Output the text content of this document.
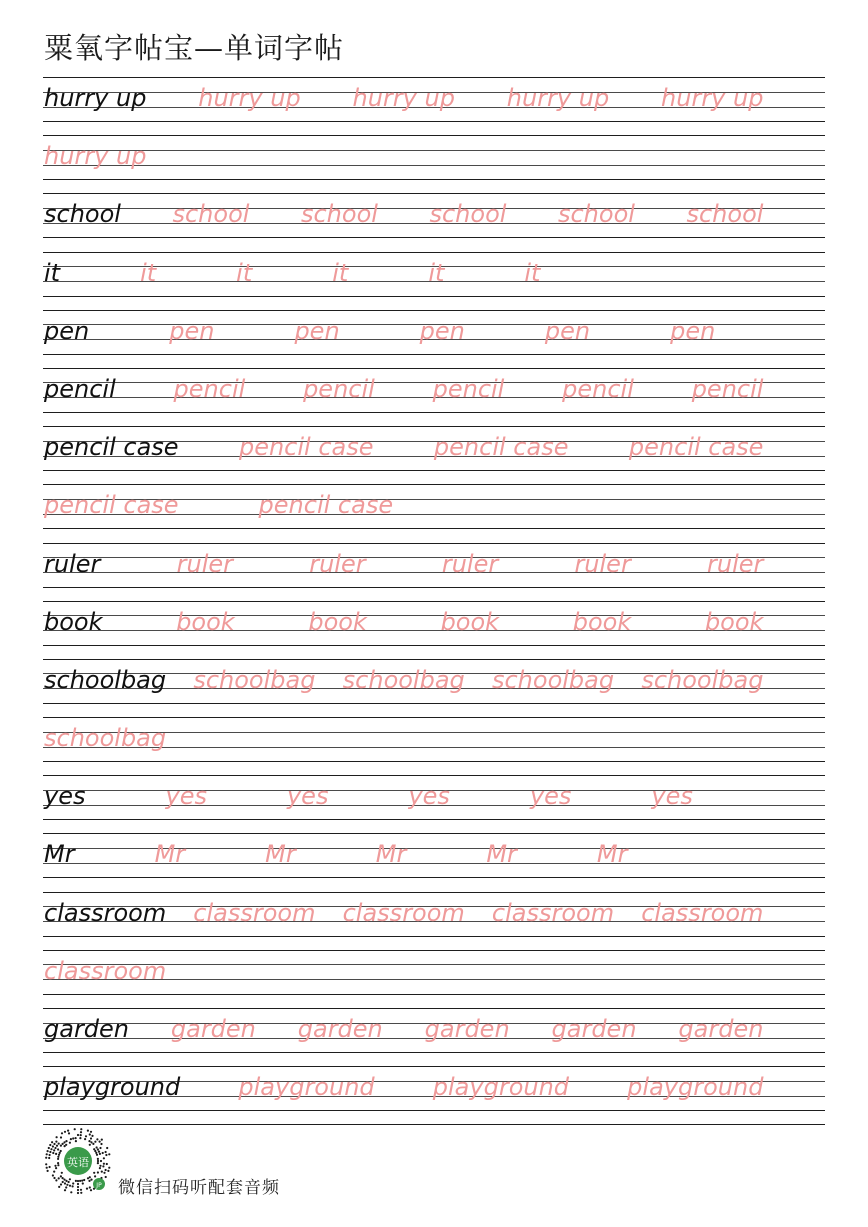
粟氧字帖宝—单词字帖
hurry up hurry up hurry up hurry up hurry up
hurry up
school school school school school school
it	it	it	it	it	it
pen	pen	pen	pen	pen	pen
pencil pencil pencil pencil pencil pencil
pencil case	pencil case	pencil case	pencil case
pencil case	pencil case
ruler	ruler	ruler	ruler	ruler	ruler
book	book	book	book	book	book
schoolbag schoolbag schoolbag schoolbag schoolbag
schoolbag
yes	yes	yes	yes	yes	yes
Mr	Mr	Mr	Mr	Mr	Mr
classroom classroom classroom classroom classroom
classroom
garden garden garden garden garden garden
playground playground playground playground
英语
JP 微信扫码听配套音频
